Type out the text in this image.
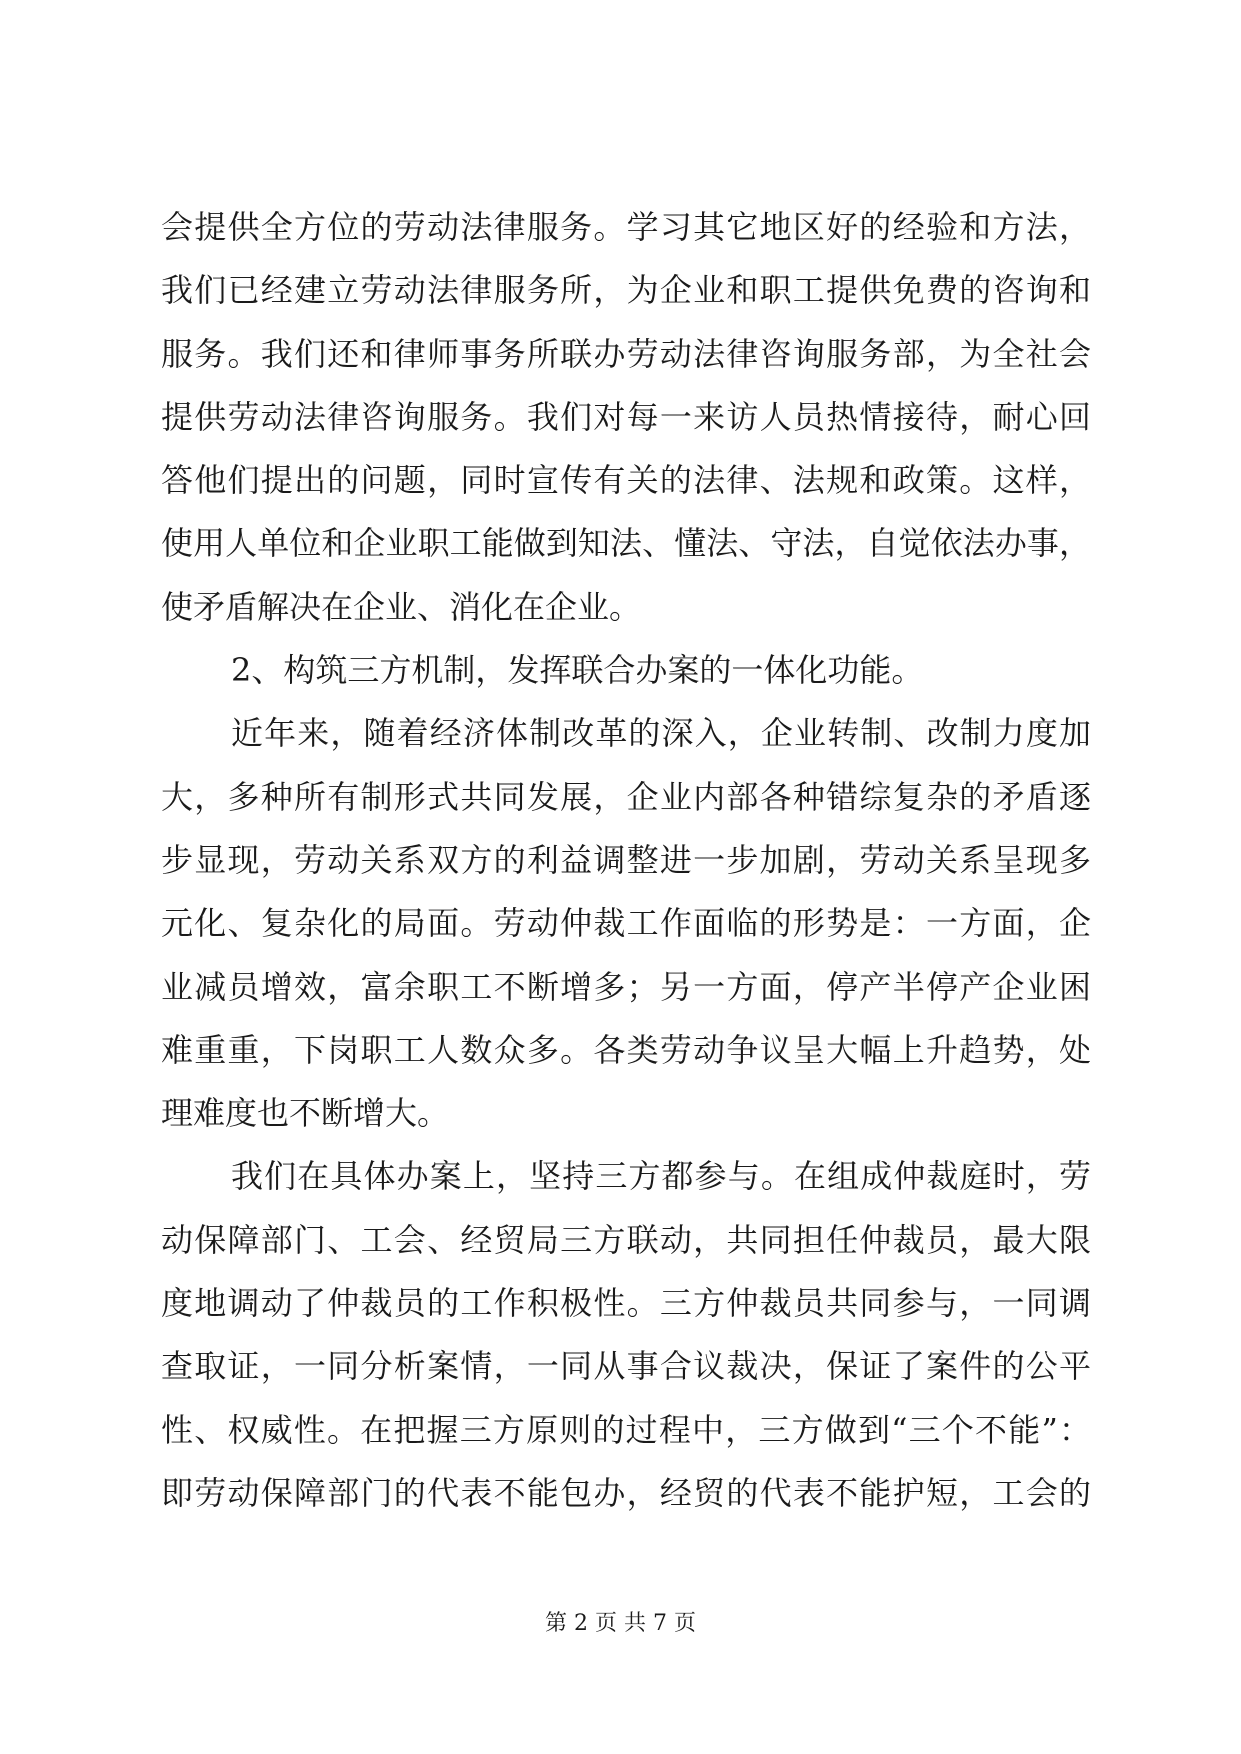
会提供全方位的劳动法律服务。学习其它地区好的经验和方法，
我们已经建立劳动法律服务所，为企业和职工提供免费的咨询和
服务。我们还和律师事务所联办劳动法律咨询服务部，为全社会
提供劳动法律咨询服务。我们对每一来访人员热情接待，耐心回
答他们提出的问题，同时宣传有关的法律、法规和政策。这样，
使用人单位和企业职工能做到知法、懂法、守法，自觉依法办事，
使矛盾解决在企业、消化在企业。
2、构筑三方机制，发挥联合办案的一体化功能。
近年来，随着经济体制改革的深入，企业转制、改制力度加
大，多种所有制形式共同发展，企业内部各种错综复杂的矛盾逐
步显现，劳动关系双方的利益调整进一步加剧，劳动关系呈现多
元化、复杂化的局面。劳动仲裁工作面临的形势是：一方面，企
业减员增效，富余职工不断增多；另一方面，停产半停产企业困
难重重，下岗职工人数众多。各类劳动争议呈大幅上升趋势，处
理难度也不断增大。
我们在具体办案上，坚持三方都参与。在组成仲裁庭时，劳
动保障部门、工会、经贸局三方联动，共同担任仲裁员，最大限
度地调动了仲裁员的工作积极性。三方仲裁员共同参与，一同调
查取证，一同分析案情，一同从事合议裁决，保证了案件的公平
性、权威性。在把握三方原则的过程中，三方做到“三个不能”：
即劳动保障部门的代表不能包办，经贸的代表不能护短，工会的
第 2 页 共 7 页
